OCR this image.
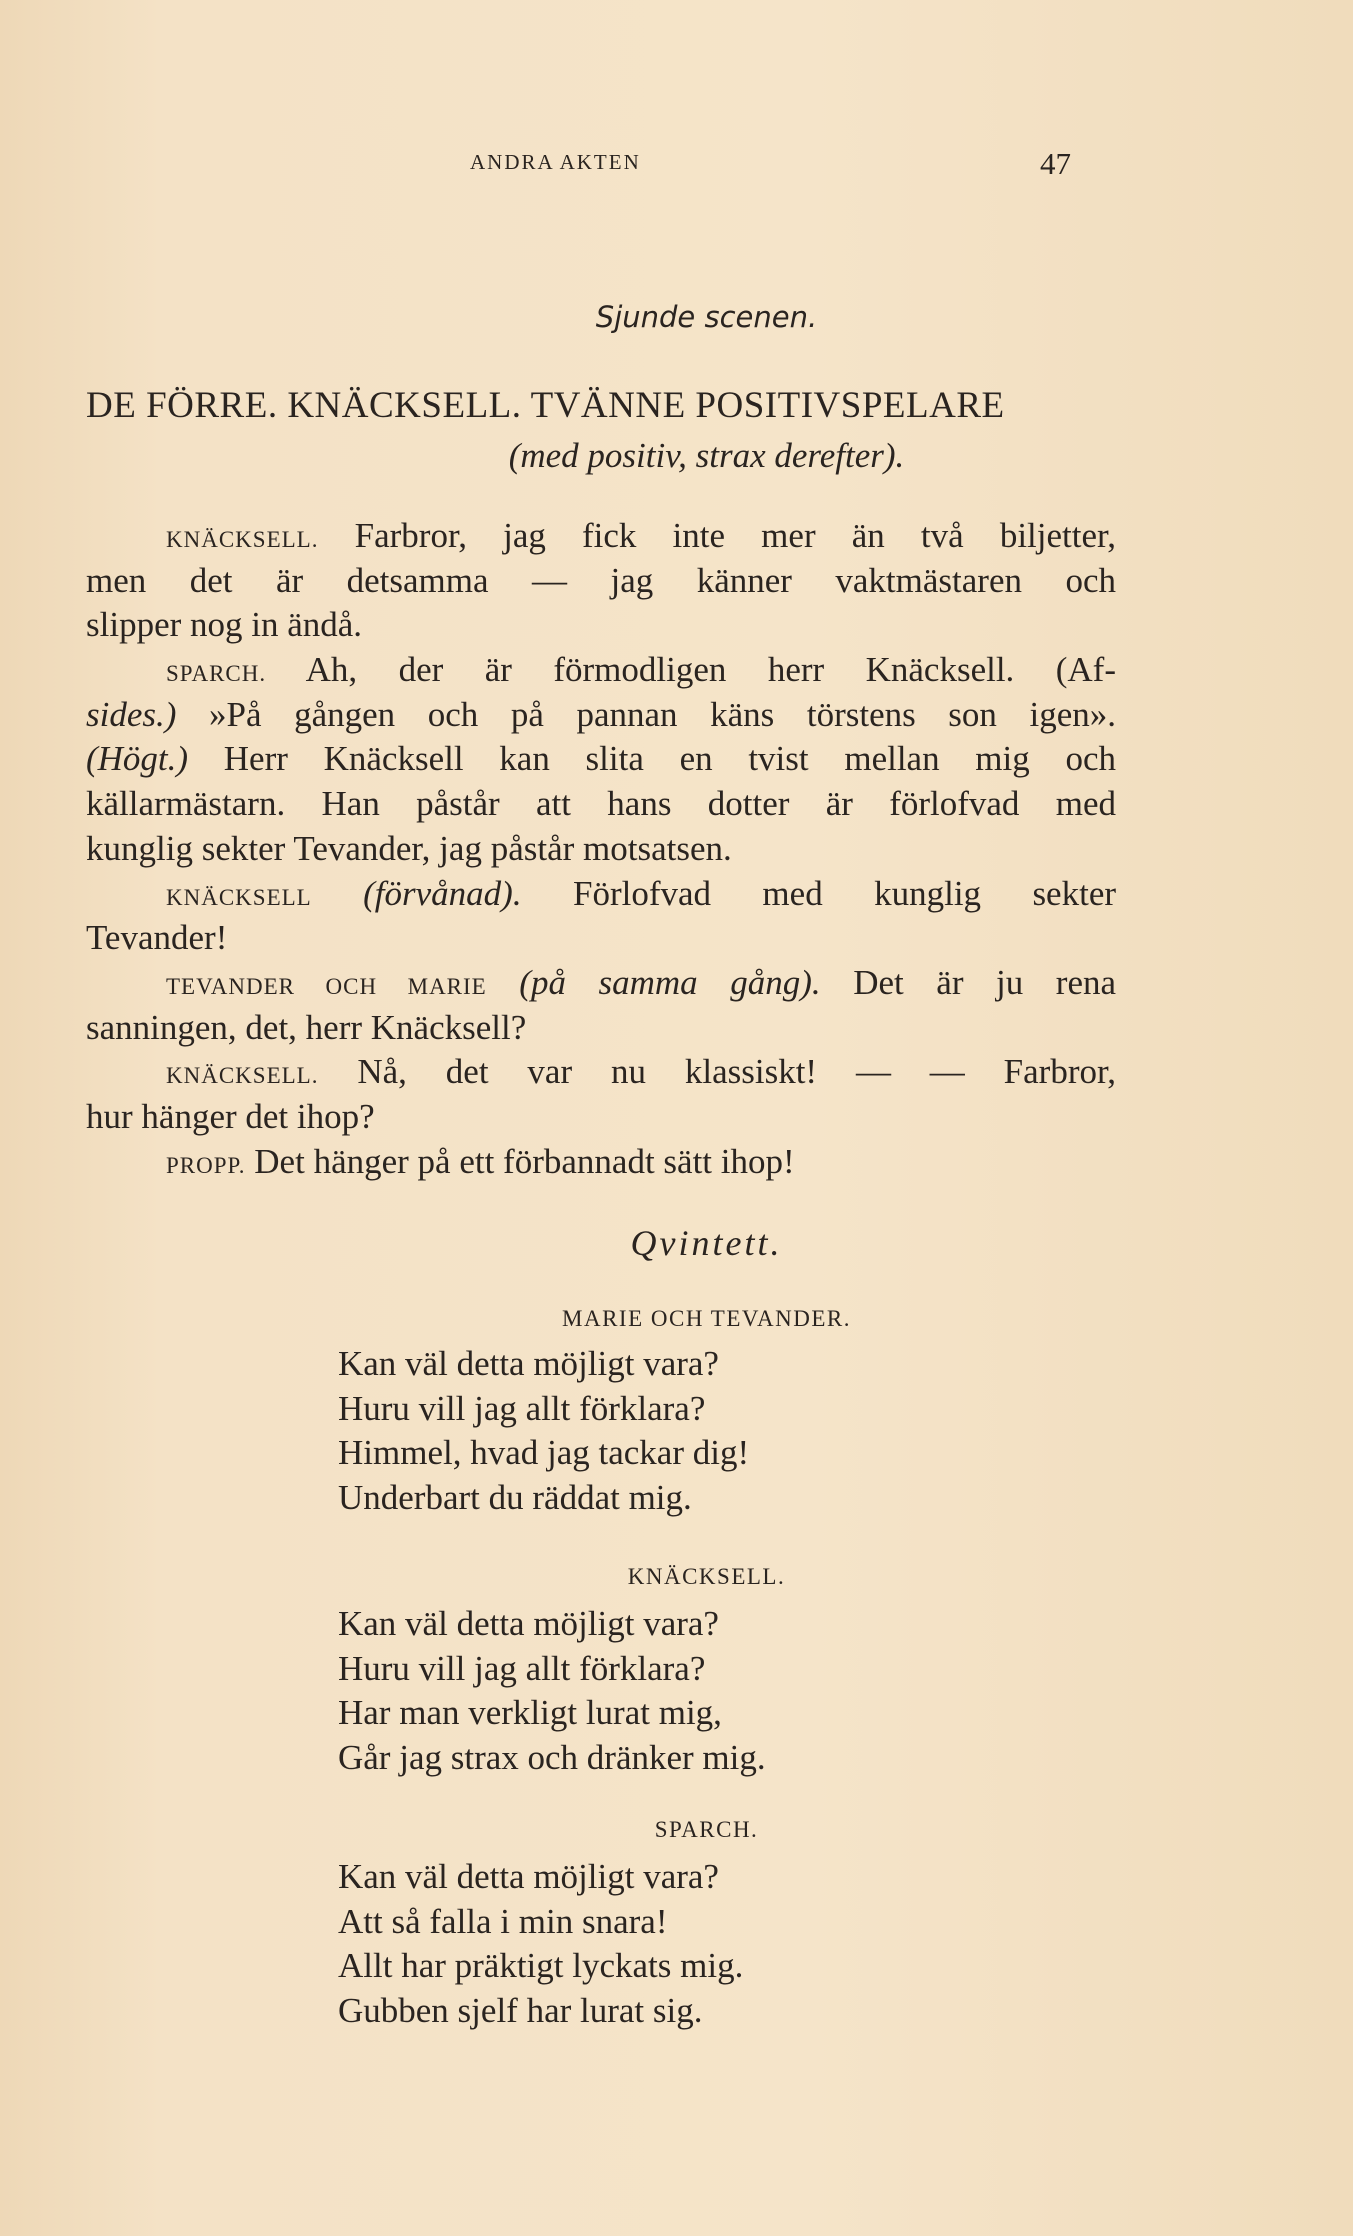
ANDRA AKTEN	47
Sjunde scenen.
DE FÖRRE. KNÄCKSELL. TVÄNNE POSITIVSPELARE
(med positiv, strax derefter).
KNÄCKSELL. Farbror, jag fick inte mer än två biljetter,
men det är detsamma — jag känner vaktmästaren och
slipper nog in ändå.
SPARCH. Ah, der är förmodligen herr Knäcksell. (Af-
sides.) »På gången och på pannan käns törstens son igen».
(Högt.) Herr Knäcksell kan slita en tvist mellan mig och
källarmästarn. Han påstår att hans dotter är förlofvad med
kunglig sekter Tevander, jag påstår motsatsen.
KNÄCKSELL (förvånad). Förlofvad med kunglig sekter
Tevander!
TEVANDER OCH MARIE (på samma gång). Det är ju rena
sanningen, det, herr Knäcksell?
KNÄCKSELL. Nå, det var nu klassiskt! — — Farbror,
hur hänger det ihop?
PROPP. Det hänger på ett förbannadt sätt ihop!
Qvintett.
MARIE OCH TEVANDER.
Kan väl detta möjligt vara?
Huru vill jag allt förklara?
Himmel, hvad jag tackar dig!
Underbart du räddat mig.
KNÄCKSELL.
Kan väl detta möjligt vara?
Huru vill jag allt förklara?
Har man verkligt lurat mig,
Går jag strax och dränker mig.
SPARCH.
Kan väl detta möjligt vara?
Att så falla i min snara!
Allt har präktigt lyckats mig.
Gubben sjelf har lurat sig.
